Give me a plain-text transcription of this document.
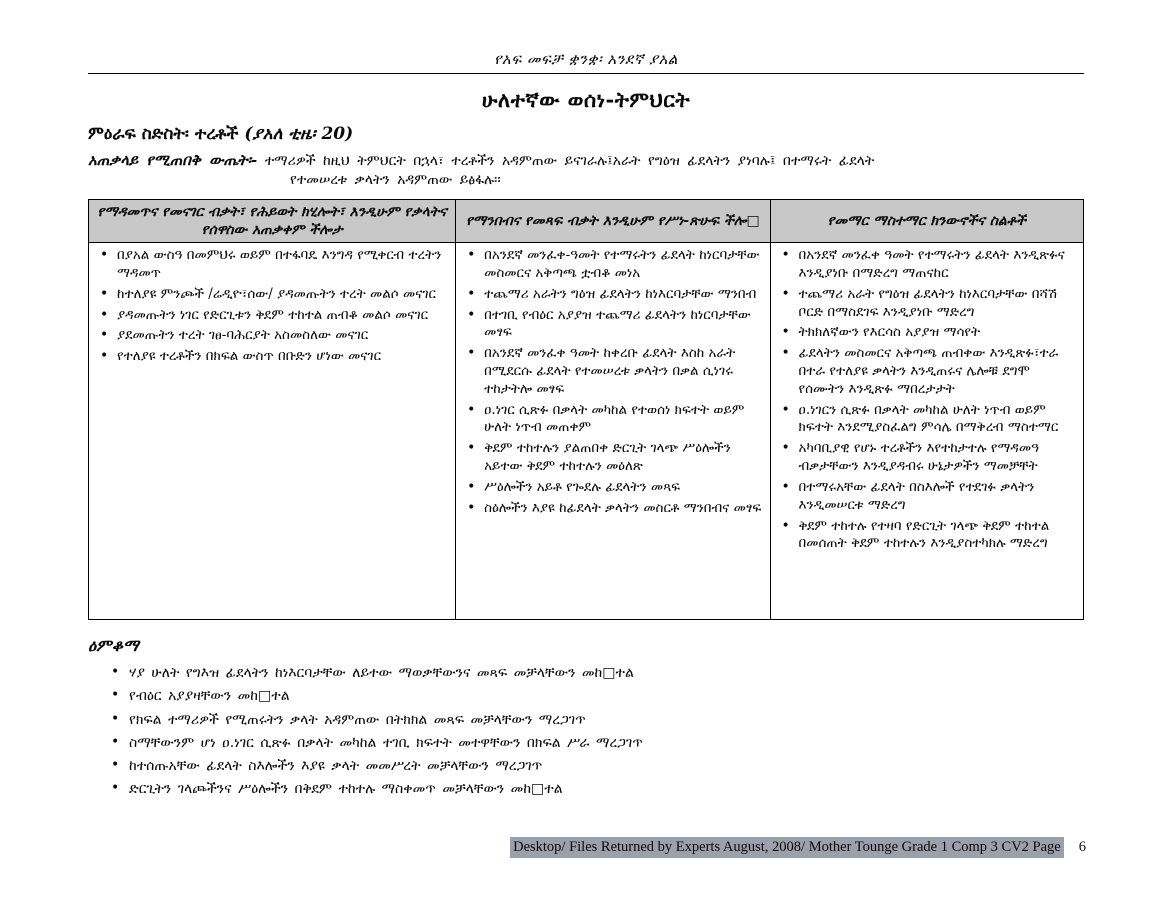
የአፍ መፍቻ ቋንቋ፡ አንደኛ ያአል
ሁለተኛው ወሰነ-ትምህርት
ምዕራፍ ስድስት፡ ተረቶች (ያአለ ቲዜ፡ 20)
አጠቃላይ የሚጠበቅ ውጤት፡- ተማሪዎች ከዚህ ትምህርት በኋላ፣ ተረቶችን አዳምጠው ይናገራሉ፤አራት የግዕዝ ፊደላትን ያነባሉ፤ በተማሩት ፊደላት
የተመሠረቱ ቃላትን አዳምጠው ይፅፋሉ፡፡
የማዳመጥና የመናገር ብቃት፣ የሕይወት ክሂሎት፣ እንዲሁም የቃላትና የሰዋስው አጠቃቀም ችሎታ	የማንበብና የመጻፍ ብቃት እንዲሁም የሥነ-ጽሁፍ ችሎ□	የመማር ማስተማር ክንውኖችና ስልቶች

• በያአል ውስዓ በመምህሩ ወይም በተፋባዴ እንግዳ የሚቀርብ ተረትን ማዳመጥ
• ከተለያዩ ምንጮች /ሬዲዮ፣ሰው/ ያዳመጡትን ተረት መልሶ መናገር
• ያዳመጡትን ነገር የድርጊቱን ቅደም ተከተል ጠብቆ መልሶ መናገር
• ያደመጡትን ተረት ገፀ-ባሕርያት አስመስለው መናገር
• የተለያዩ ተረቶችን በክፍል ውስጥ በቡድን ሆነው መናገር

• በአንደኛ መንፈቀ-ዓመት የተማሩትን ፊደላት ከነርባታቸው መስመርና አቅጣጫ ቷብቆ መነአ
• ተጨማሪ አራትን ግዕዝ ፊደላትን ከነእርባታቸው ማንበብ
• በተገቢ የብዕር አያያዝ ተጨማሪ ፊደላትን ከነርባታቸው መፃፍ
• በአንደኛ መንፈቀ ዓመት ከቀረቡ ፊደላት እስከ አራት በሚደርሱ ፊደላት የተመሠረቱ ቃላትን በቃል ሲነገሩ ተከታትሎ መፃፍ
• ዐ.ነገር ሲጽፉ በቃላት መካከል የተወሰነ ክፍተት ወይም ሁለት ነጥብ መጠቀም
• ቅደም ተከተሉን ያልጠበቀ ድርጊት ገላጭ ሥዕሎችን አይተው ቅደም ተከተሉን መዕለጽ
• ሥዕሎችን አይቶ የጐደሉ ፊደላትን መጻፍ
• ስዕሎችን እያዩ ከፊደላት ቃላትን መስርቶ ማንበብና መፃፍ

• በአንደኛ መንፈቀ ዓመት የተማሩትን ፊደላት እንዲጽፉና እንዲያነቡ በማድረግ ማጠናከር
• ተጨማሪ አራት የግዕዝ ፊደላትን ከነእርባታቸው በሻሽ ቦርድ በማስደገፍ እንዲያነቡ ማድረግ
• ትክክለኛውን የእርሳስ አያያዝ ማሳየት
• ፊደላትን መስመርና አቅጣጫ ጠብቀው እንዲጽፉ፣ተራ በተራ የተለያዩ ቃላትን እንዲጠሩና ሌሎቹ ደግሞ የሰሙትን እንዲጽፉ ማበረታታት
• ዐ.ነገርን ሲጽፉ በቃላት መካከል ሁለት ነጥብ ወይም ክፍተት እንደሚያስፈልግ ምሳሌ በማቅረብ ማስተማር
• አካባቢያዊ የሆኑ ተረቶችን እየተከታተሉ የማዳመዓ ብቃታቸውን እንዲያዳብሩ ሁኔታዎችን ማመቻቸት
• በተማሩአቸው ፊደላት በስእሎች የተደገፉ ቃላትን እንዲመሠርቱ ማድረግ
• ቅደም ተከተሉ የተዛባ የድርጊት ገላጭ ቅደም ተከተል በመሰጠት ቅደም ተከተሉን እንዲያስተካክሉ ማድረግ
ዕምቆማ
• ሃያ ሁለት የግእዝ ፊደላትን ከነእርባታቸው ለይተው ማወቃቸውንና መጻፍ መቻላቸውን መከ□ተል
• የብዕር አያያዛቸውን መከ□ተል
• የክፍል ተማሪዎች የሚጠሩትን ቃላት አዳምጠው በትክክል መጻፍ መቻላቸውን ማረጋገጥ
• ስማቸውንም ሆነ ዐ.ነገር ሲጽፉ በቃላት መካከል ተገቢ ክፍተት መተዋቸውን በክፍል ሥራ ማረጋገጥ
• ከተሰጡአቸው ፊደላት ስእሎችን እያዩ ቃላት መመሥረት መቻላቸውን ማረጋገጥ
• ድርጊትን ገላጮችንና ሥዕሎችን በቅደም ተከተሉ ማስቀመጥ መቻላቸውን መከ□ተል
Desktop/ Files Returned by Experts August, 2008/ Mother Tounge Grade 1 Comp 3 CV2 Page 6
